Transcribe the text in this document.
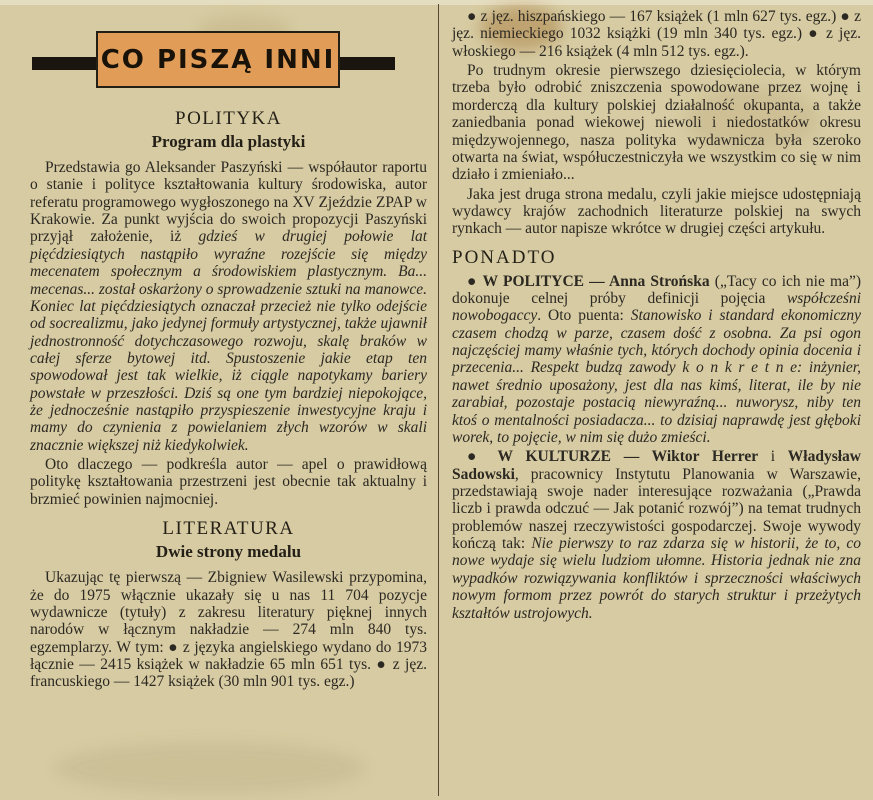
CO PISZĄ INNI
POLITYKA
Program dla plastyki

Przedstawia go Aleksander Paszyński — współautor raportu o stanie i polityce kształtowania kultury środowiska, autor referatu programowego wygłoszonego na XV Zjeździe ZPAP w Krakowie. Za punkt wyjścia do swoich propozycji Paszyński przyjął założenie, iż gdzieś w drugiej połowie lat pięćdziesiątych nastąpiło wyraźne rozejście się między mecenatem społecznym a środowiskiem plastycznym. Ba... mecenas... został oskarżony o sprowadzenie sztuki na manowce. Koniec lat pięćdziesiątych oznaczał przecież nie tylko odejście od socrealizmu, jako jedynej formuły artystycznej, także ujawnił jednostronność dotychczasowego rozwoju, skalę braków w całej sferze bytowej itd. Spustoszenie jakie etap ten spowodował jest tak wielkie, iż ciągle napotykamy bariery powstałe w przeszłości. Dziś są one tym bardziej niepokojące, że jednocześnie nastąpiło przyspieszenie inwestycyjne kraju i mamy do czynienia z powielaniem złych wzorów w skali znacznie większej niż kiedykolwiek.

Oto dlaczego — podkreśla autor — apel o prawidłową politykę kształtowania przestrzeni jest obecnie tak aktualny i brzmieć powinien najmocniej.

LITERATURA
Dwie strony medalu

Ukazując tę pierwszą — Zbigniew Wasilewski przypomina, że do 1975 włącznie ukazały się u nas 11 704 pozycje wydawnicze (tytuły) z zakresu literatury pięknej innych narodów w łącznym nakładzie — 274 mln 840 tys. egzemplarzy. W tym: ● z języka angielskiego wydano do 1973 łącznie — 2415 książek w nakładzie 65 mln 651 tys. ● z jęz. francuskiego — 1427 książek (30 mln 901 tys. egz.)

● z jęz. hiszpańskiego — 167 książek (1 mln 627 tys. egz.) ● z jęz. niemieckiego 1032 książki (19 mln 340 tys. egz.) ● z jęz. włoskiego — 216 książek (4 mln 512 tys. egz.).

Po trudnym okresie pierwszego dziesięciolecia, w którym trzeba było odrobić zniszczenia spowodowane przez wojnę i morderczą dla kultury polskiej działalność okupanta, a także zaniedbania ponad wiekowej niewoli i niedostatków okresu międzywojennego, nasza polityka wydawnicza była szeroko otwarta na świat, współuczestniczyła we wszystkim co się w nim działo i zmieniało...

Jaka jest druga strona medalu, czyli jakie miejsce udostępniają wydawcy krajów zachodnich literaturze polskiej na swych rynkach — autor napisze wkrótce w drugiej części artykułu.

PONADTO

● W POLITYCE — Anna Strońska („Tacy co ich nie ma”) dokonuje celnej próby definicji pojęcia współcześni nowobogaccy. Oto puenta: Stanowisko i standard ekonomiczny czasem chodzą w parze, czasem dość z osobna. Za psi ogon najczęściej mamy właśnie tych, których dochody opinia docenia i przecenia... Respekt budzą zawody k o n k r e t n e: inżynier, nawet średnio uposażony, jest dla nas kimś, literat, ile by nie zarabiał, pozostaje postacią niewyraźną... nuworysz, niby ten ktoś o mentalności posiadacza... to dzisiaj naprawdę jest głęboki worek, to pojęcie, w nim się dużo zmieści.

● W KULTURZE — Wiktor Herrer i Władysław Sadowski, pracownicy Instytutu Planowania w Warszawie, przedstawiają swoje nader interesujące rozważania („Prawda liczb i prawda odczuć — Jak potanić rozwój”) na temat trudnych problemów naszej rzeczywistości gospodarczej. Swoje wywody kończą tak: Nie pierwszy to raz zdarza się w historii, że to, co nowe wydaje się wielu ludziom ułomne. Historia jednak nie zna wypadków rozwiązywania konfliktów i sprzeczności właściwych nowym formom przez powrót do starych struktur i przeżytych kształtów ustrojowych.
